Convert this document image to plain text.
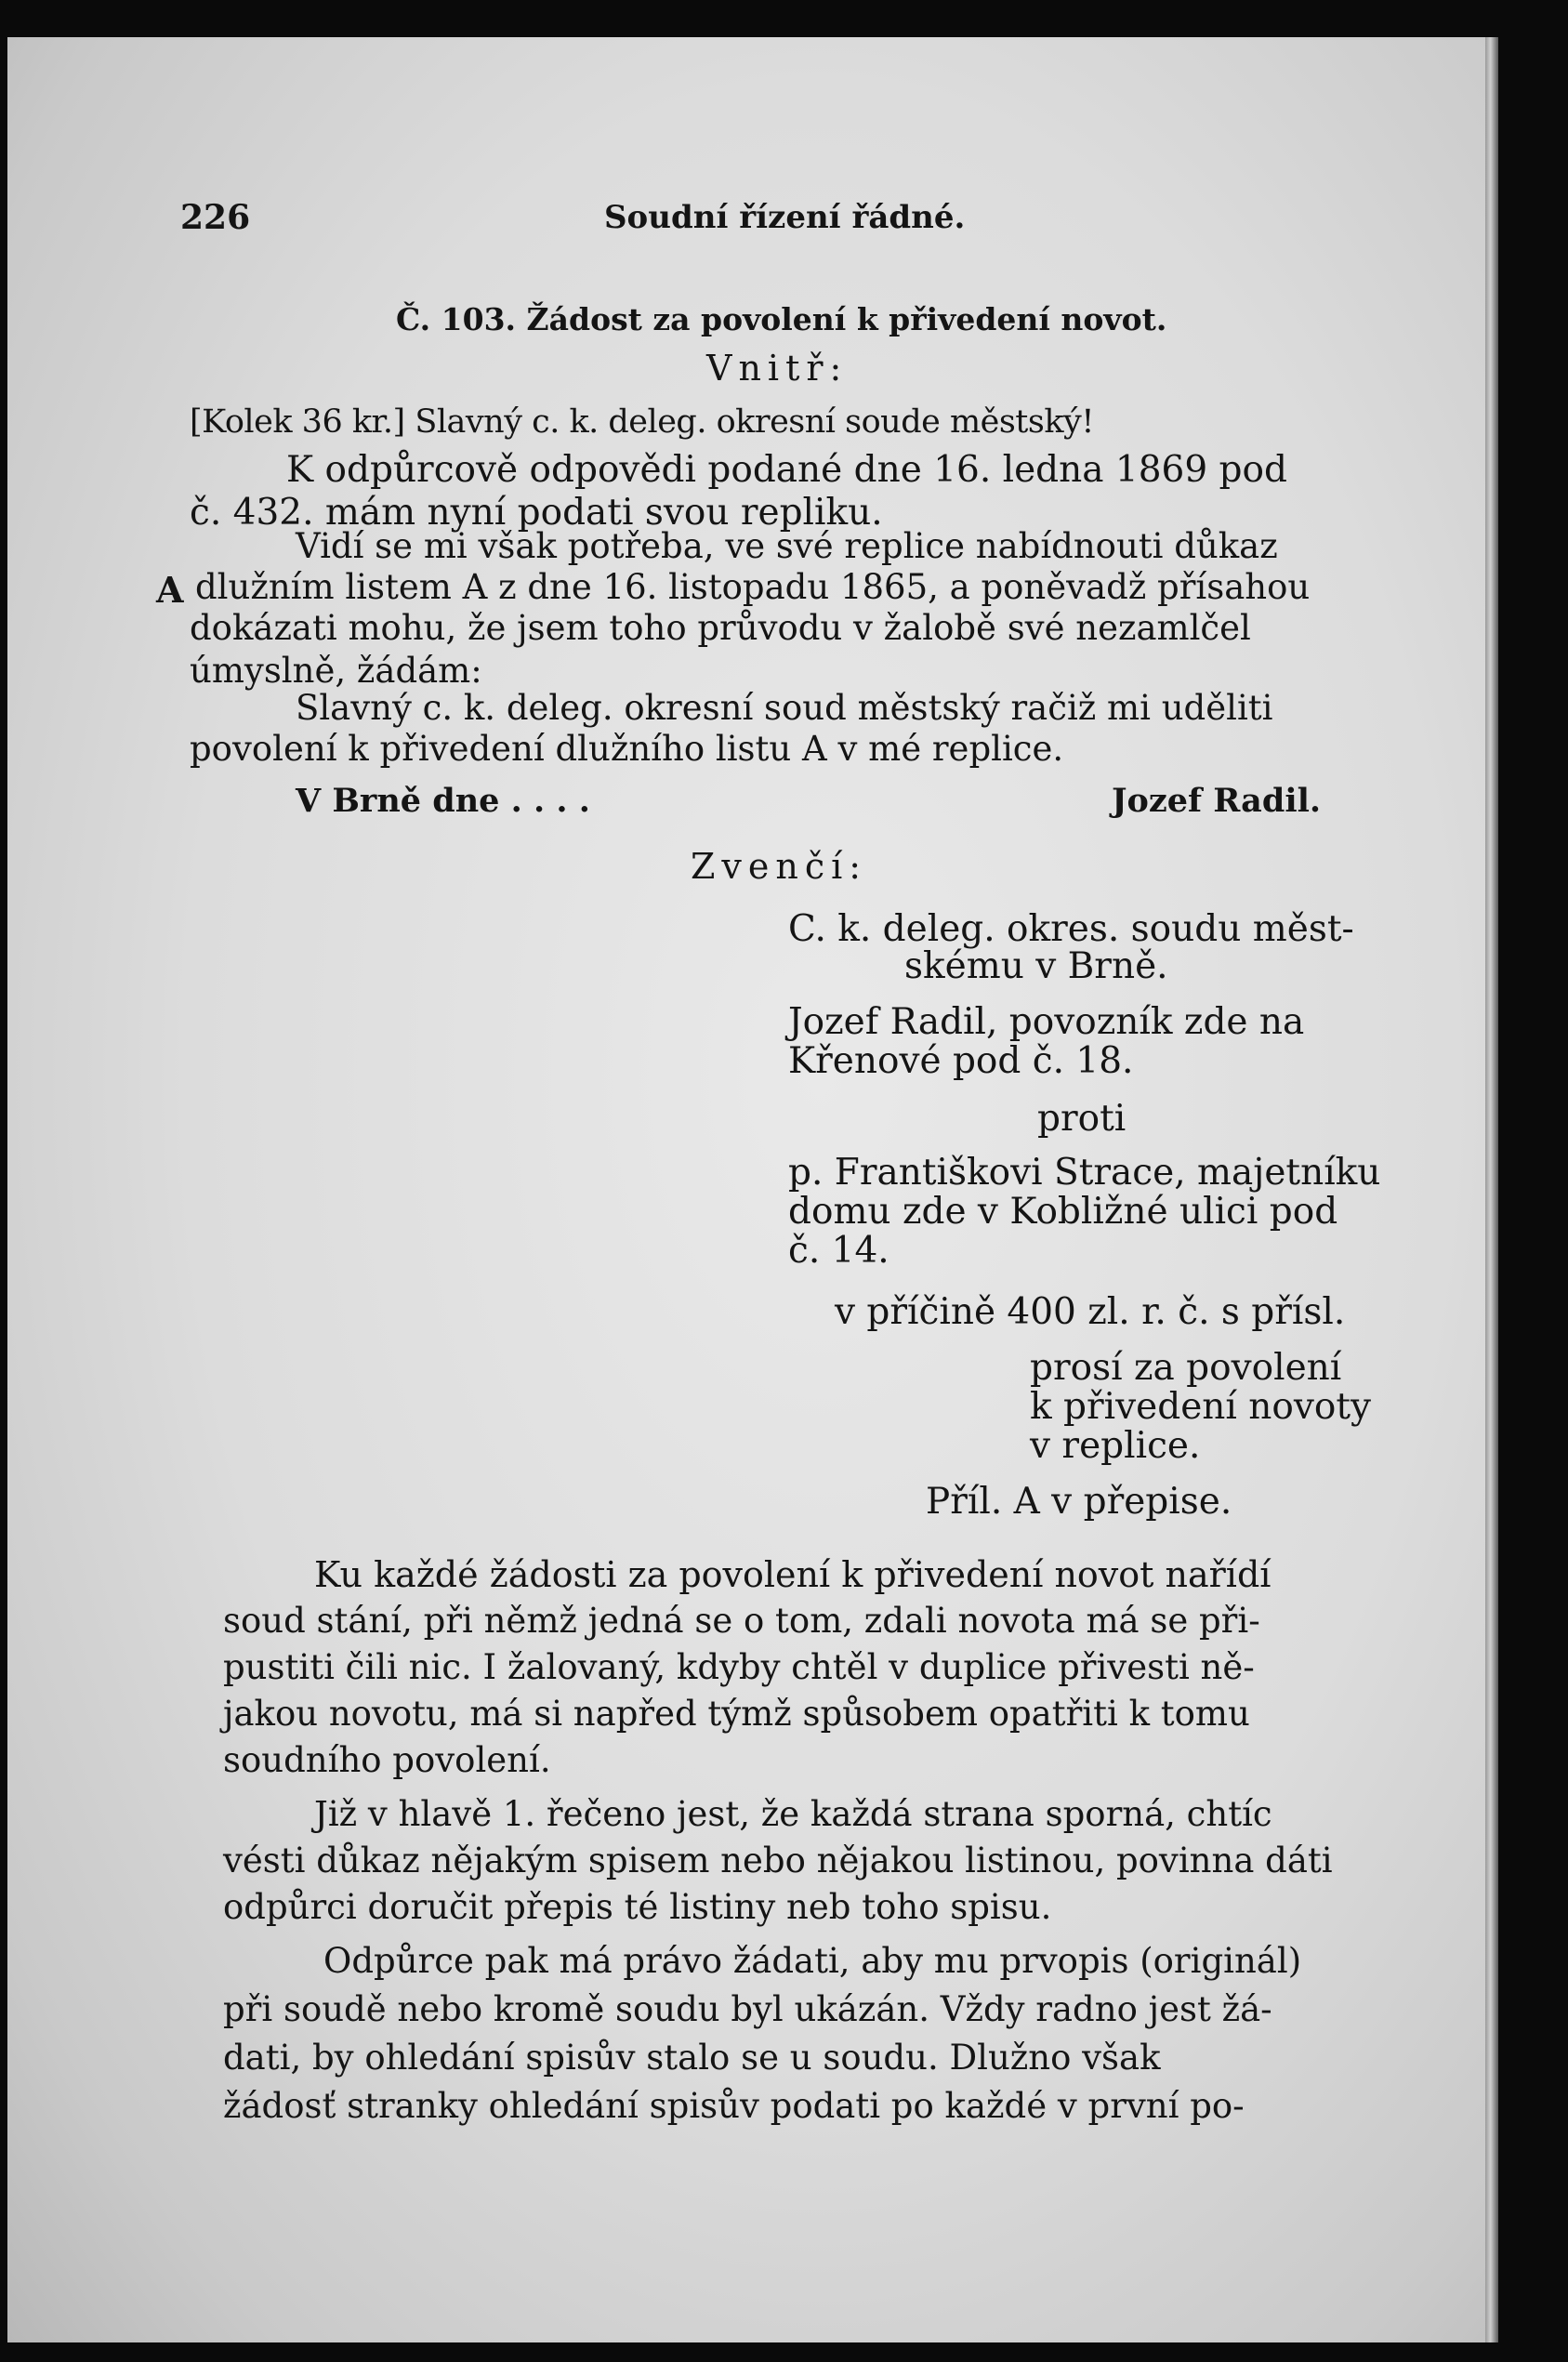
226	Soudní řízení řádné.
Č. 103. Žádost za povolení k přivedení novot.
Vnitř:
[Kolek 36 kr.] Slavný c. k. deleg. okresní soude městský!
K odpůrcově odpovědi podané dne 16. ledna 1869 pod
č. 432. mám nyní podati svou repliku.
Vidí se mi však potřeba, ve své replice nabídnouti důkaz
A dlužním listem A z dne 16. listopadu 1865, a poněvadž přísahou
dokázati mohu, že jsem toho průvodu v žalobě své nezamlčel
úmyslně, žádám:
Slavný c. k. deleg. okresní soud městský račiž mi uděliti
povolení k přivedení dlužního listu A v mé replice.
V Brně dne . . . .	Jozef Radil.
Zvenčí:
C. k. deleg. okres. soudu měst-
skému v Brně.
Jozef Radil, povozník zde na
Křenové pod č. 18.
proti
p. Františkovi Strace, majetníku
domu zde v Kobližné ulici pod
č. 14.
v příčině 400 zl. r. č. s přísl.
prosí za povolení
k přivedení novoty
v replice.
Příl. A v přepise.
Ku každé žádosti za povolení k přivedení novot nařídí
soud stání, při němž jedná se o tom, zdali novota má se při-
pustiti čili nic. I žalovaný, kdyby chtěl v duplice přivesti ně-
jakou novotu, má si napřed týmž spůsobem opatřiti k tomu
soudního povolení.
Již v hlavě 1. řečeno jest, že každá strana sporná, chtíc
vésti důkaz nějakým spisem nebo nějakou listinou, povinna dáti
odpůrci doručit přepis té listiny neb toho spisu.
Odpůrce pak má právo žádati, aby mu prvopis (originál)
při soudě nebo kromě soudu byl ukázán. Vždy radno jest žá-
dati, by ohledání spisův stalo se u soudu. Dlužno však
žádosť stranky ohledání spisův podati po každé v první po-
